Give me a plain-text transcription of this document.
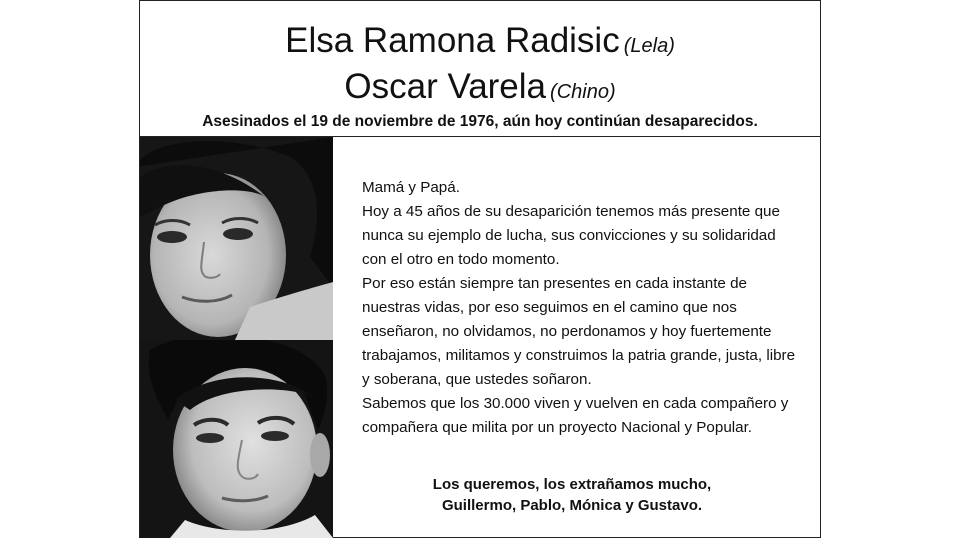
Elsa Ramona Radisic (Lela)
Oscar Varela (Chino)
Asesinados el 19 de noviembre de 1976, aún hoy continúan desaparecidos.

Mamá y Papá.

Hoy a 45 años de su desaparición tenemos más presente que nunca su ejemplo de lucha, sus convicciones y su solidaridad con el otro en todo momento.

Por eso están siempre tan presentes en cada instante de nuestras vidas, por eso seguimos en el camino que nos enseñaron, no olvidamos, no perdonamos y hoy fuertemente trabajamos, militamos y construimos la patria grande, justa, libre y soberana, que ustedes soñaron.

Sabemos que los 30.000 viven y vuelven en cada compañero y compañera que milita por un proyecto Nacional y Popular.

Los queremos, los extrañamos mucho,
Guillermo, Pablo, Mónica y Gustavo.
